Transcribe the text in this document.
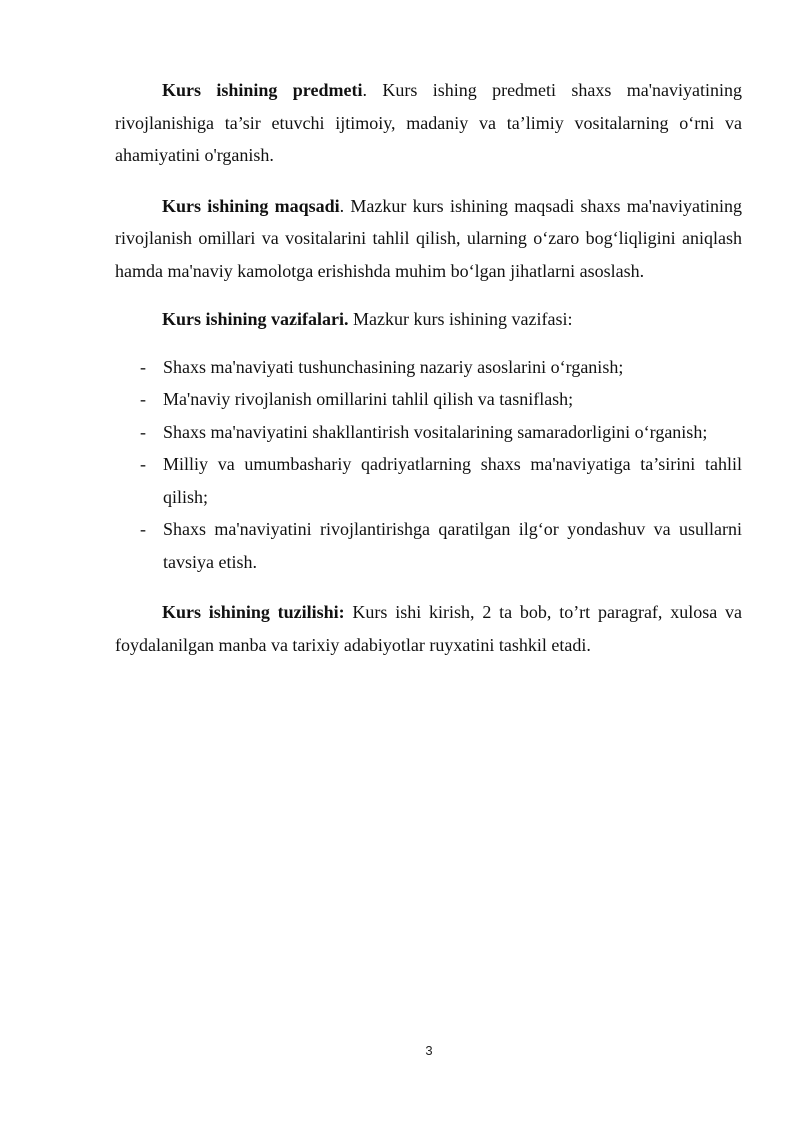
Kurs ishining predmeti. Kurs ishing predmeti shaxs ma'naviyatining rivojlanishiga ta’sir etuvchi ijtimoiy, madaniy va ta’limiy vositalarning o‘rni va ahamiyatini o'rganish.

Kurs ishining maqsadi. Mazkur kurs ishining maqsadi shaxs ma'naviyatining rivojlanish omillari va vositalarini tahlil qilish, ularning o‘zaro bog‘liqligini aniqlash hamda ma'naviy kamolotga erishishda muhim bo‘lgan jihatlarni asoslash.

Kurs ishining vazifalari. Mazkur kurs ishining vazifasi:

- Shaxs ma'naviyati tushunchasining nazariy asoslarini o‘rganish;
- Ma'naviy rivojlanish omillarini tahlil qilish va tasniflash;
- Shaxs ma'naviyatini shakllantirish vositalarining samaradorligini o‘rganish;
- Milliy va umumbashariy qadriyatlarning shaxs ma'naviyatiga ta’sirini tahlil qilish;
- Shaxs ma'naviyatini rivojlantirishga qaratilgan ilg‘or yondashuv va usullarni tavsiya etish.

Kurs ishining tuzilishi: Kurs ishi kirish, 2 ta bob, to’rt paragraf, xulosa va foydalanilgan manba va tarixiy adabiyotlar ruyxatini tashkil etadi.

3
